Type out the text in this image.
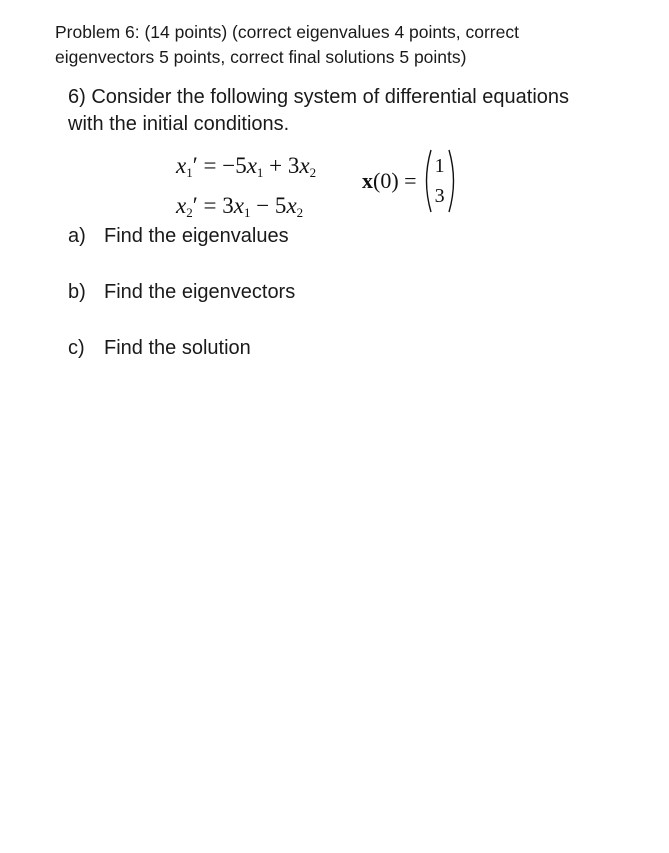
Problem 6: (14 points) (correct eigenvalues 4 points, correct
eigenvectors 5 points, correct final solutions 5 points)
6) Consider the following system of differential equations
with the initial conditions.
$x_1' = -5x_1 + 3x_2$
$x_2' = 3x_1 - 5x_2$
x(0) =
1
3
a) Find the eigenvalues
b) Find the eigenvectors
c) Find the solution
